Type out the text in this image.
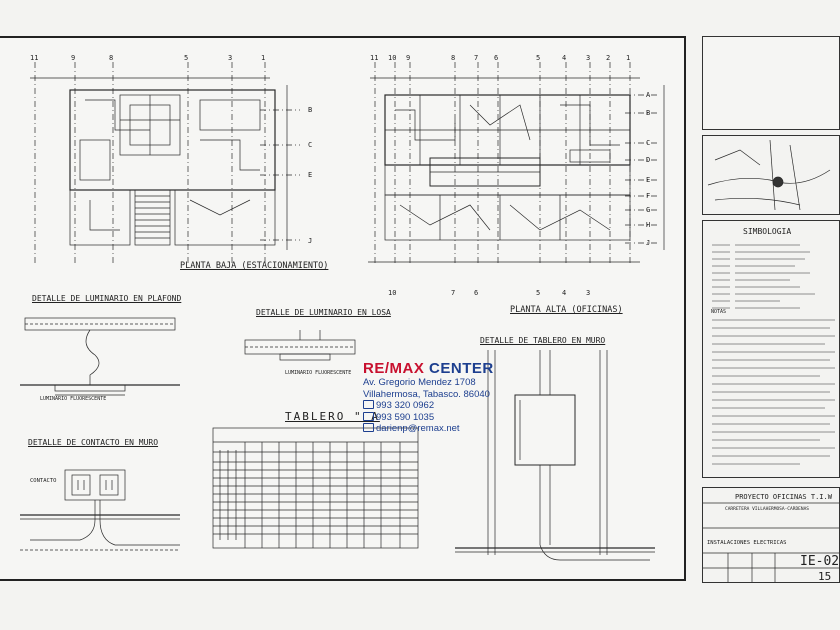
11	9	8	5	3	1	11 10 9	8	7 6	5	4	3 2 1
10	7	6	5	4	3
B
C
E
J
A
B
C
D
E
F
G
H
J
PLANTA BAJA (ESTACIONAMIENTO)
PLANTA ALTA (OFICINAS)
DETALLE DE LUMINARIO EN PLAFOND
DETALLE DE LUMINARIO EN LOSA
DETALLE DE CONTACTO EN MURO
DETALLE DE TABLERO EN MURO
TABLERO " A
LUMINARIO FLUORESCENTE
LUMINARIO FLUORESCENTE
CONTACTO
SIMBOLOGIA
NOTAS
PROYECTO OFICINAS T.I.W
CARRETERA VILLAHERMOSA-CARDENAS
INSTALACIONES ELECTRICAS
IE-02
15
RE/MAX CENTER
Av. Gregorio Mendez 1708
Villahermosa, Tabasco. 86040
993 320 0962
993 590 1035
darienp@remax.net
